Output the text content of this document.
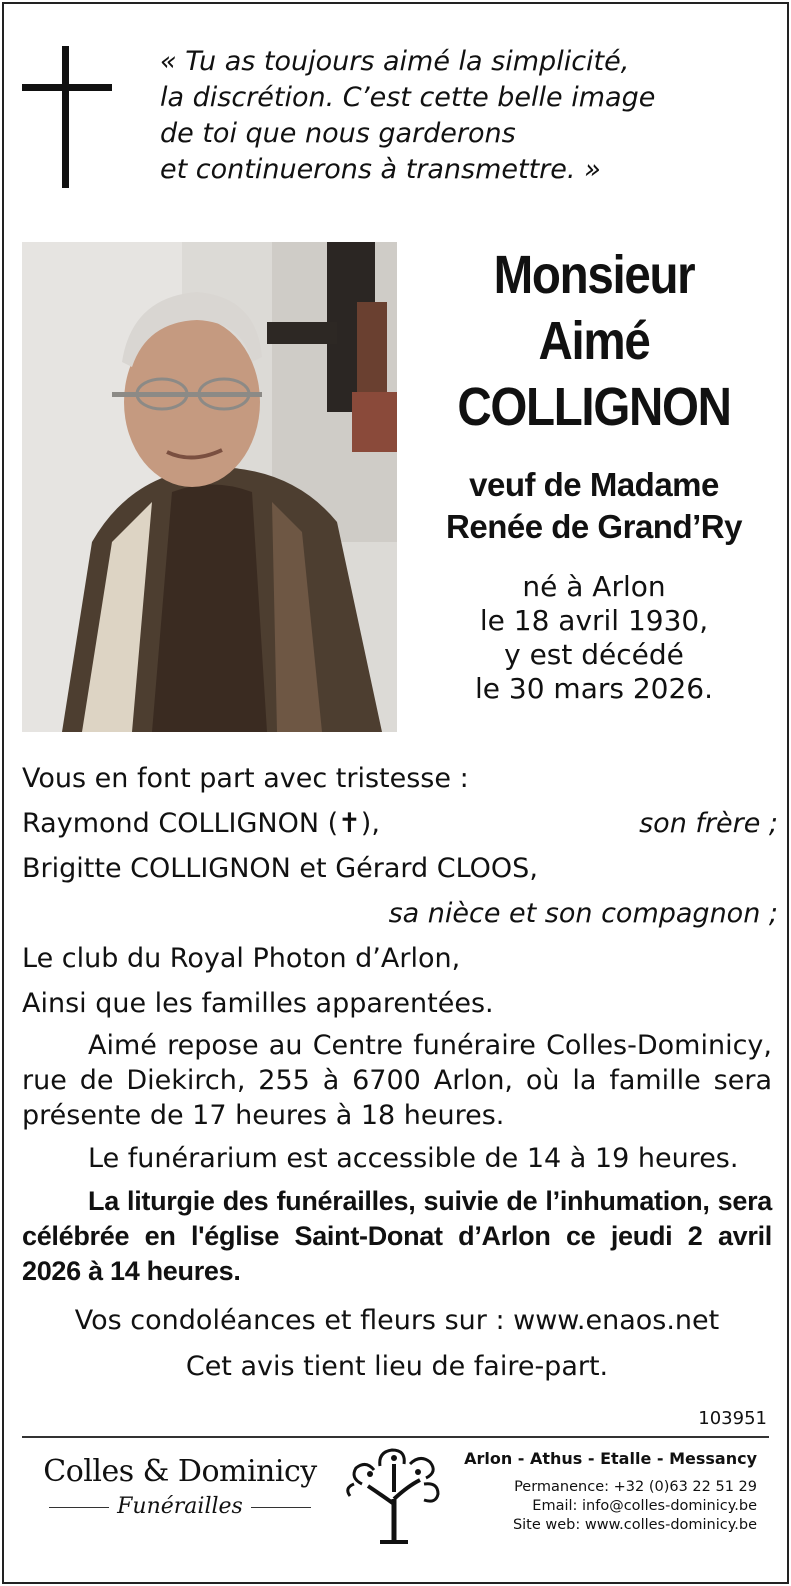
« Tu as toujours aimé la simplicité,
la discrétion. C’est cette belle image
de toi que nous garderons
et continuerons à transmettre. »
Monsieur
Aimé
COLLIGNON
veuf de Madame
Renée de Grand’Ry
né à Arlon
le 18 avril 1930,
y est décédé
le 30 mars 2026.
Vous en font part avec tristesse :
Raymond COLLIGNON (✝),	son frère ;
Brigitte COLLIGNON et Gérard CLOOS,
sa nièce et son compagnon ;
Le club du Royal Photon d’Arlon,
Ainsi que les familles apparentées.
Aimé repose au Centre funéraire Colles-Dominicy, rue de Diekirch, 255 à 6700 Arlon, où la famille sera présente de 17 heures à 18 heures.
Le funérarium est accessible de 14 à 19 heures.
La liturgie des funérailles, suivie de l’inhumation, sera célébrée en l'église Saint-Donat d’Arlon ce jeudi 2 avril 2026 à 14 heures.
Vos condoléances et fleurs sur : www.enaos.net
Cet avis tient lieu de faire-part.
103951
Colles & Dominicy
Funérailles
Arlon - Athus - Etalle - Messancy
Permanence: +32 (0)63 22 51 29
Email: info@colles-dominicy.be
Site web: www.colles-dominicy.be
